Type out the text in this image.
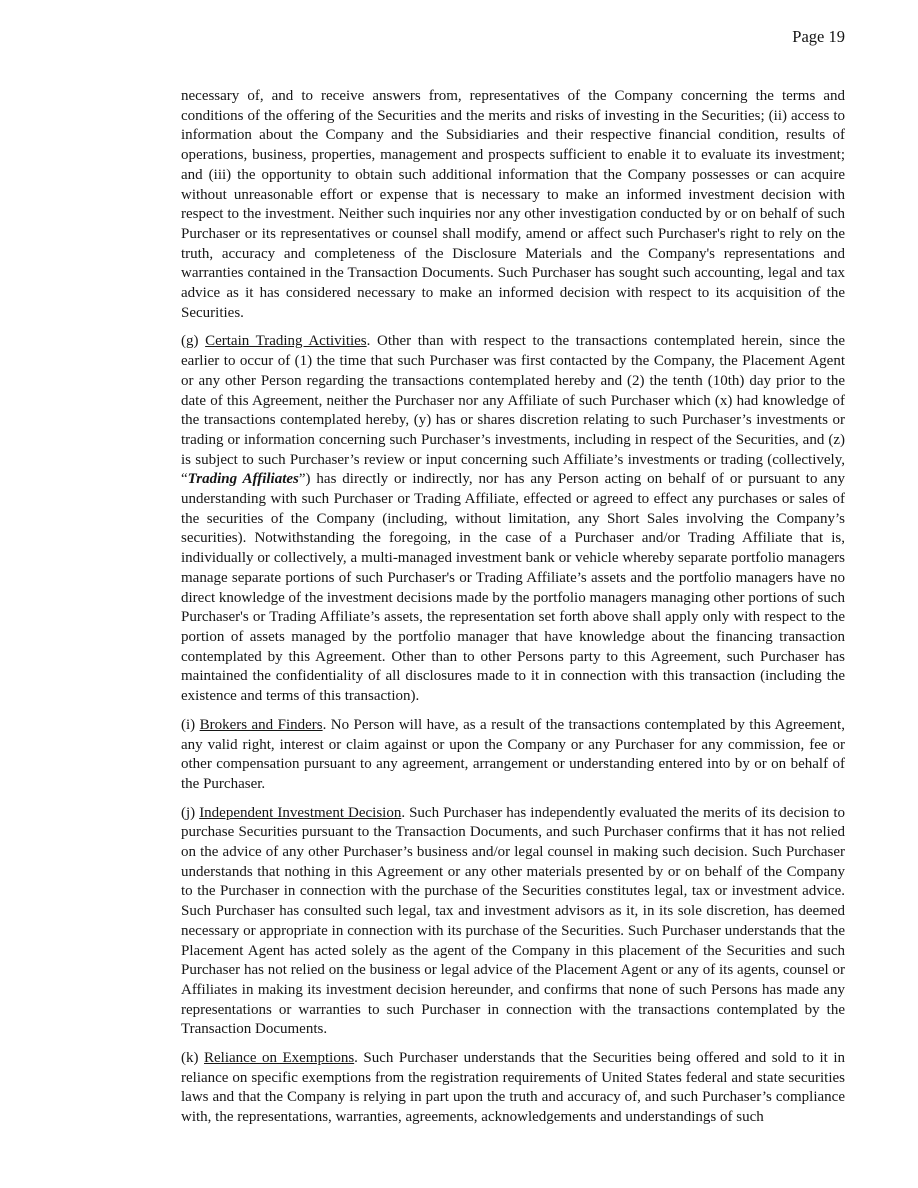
Page 19

necessary of, and to receive answers from, representatives of the Company concerning the terms and conditions of the offering of the Securities and the merits and risks of investing in the Securities; (ii) access to information about the Company and the Subsidiaries and their respective financial condition, results of operations, business, properties, management and prospects sufficient to enable it to evaluate its investment; and (iii) the opportunity to obtain such additional information that the Company possesses or can acquire without unreasonable effort or expense that is necessary to make an informed investment decision with respect to the investment. Neither such inquiries nor any other investigation conducted by or on behalf of such Purchaser or its representatives or counsel shall modify, amend or affect such Purchaser's right to rely on the truth, accuracy and completeness of the Disclosure Materials and the Company's representations and warranties contained in the Transaction Documents. Such Purchaser has sought such accounting, legal and tax advice as it has considered necessary to make an informed decision with respect to its acquisition of the Securities.

(g) Certain Trading Activities. Other than with respect to the transactions contemplated herein, since the earlier to occur of (1) the time that such Purchaser was first contacted by the Company, the Placement Agent or any other Person regarding the transactions contemplated hereby and (2) the tenth (10th) day prior to the date of this Agreement, neither the Purchaser nor any Affiliate of such Purchaser which (x) had knowledge of the transactions contemplated hereby, (y) has or shares discretion relating to such Purchaser’s investments or trading or information concerning such Purchaser’s investments, including in respect of the Securities, and (z) is subject to such Purchaser’s review or input concerning such Affiliate’s investments or trading (collectively, “Trading Affiliates”) has directly or indirectly, nor has any Person acting on behalf of or pursuant to any understanding with such Purchaser or Trading Affiliate, effected or agreed to effect any purchases or sales of the securities of the Company (including, without limitation, any Short Sales involving the Company’s securities). Notwithstanding the foregoing, in the case of a Purchaser and/or Trading Affiliate that is, individually or collectively, a multi-managed investment bank or vehicle whereby separate portfolio managers manage separate portions of such Purchaser's or Trading Affiliate’s assets and the portfolio managers have no direct knowledge of the investment decisions made by the portfolio managers managing other portions of such Purchaser's or Trading Affiliate’s assets, the representation set forth above shall apply only with respect to the portion of assets managed by the portfolio manager that have knowledge about the financing transaction contemplated by this Agreement. Other than to other Persons party to this Agreement, such Purchaser has maintained the confidentiality of all disclosures made to it in connection with this transaction (including the existence and terms of this transaction).

(i) Brokers and Finders. No Person will have, as a result of the transactions contemplated by this Agreement, any valid right, interest or claim against or upon the Company or any Purchaser for any commission, fee or other compensation pursuant to any agreement, arrangement or understanding entered into by or on behalf of the Purchaser.

(j) Independent Investment Decision. Such Purchaser has independently evaluated the merits of its decision to purchase Securities pursuant to the Transaction Documents, and such Purchaser confirms that it has not relied on the advice of any other Purchaser’s business and/or legal counsel in making such decision. Such Purchaser understands that nothing in this Agreement or any other materials presented by or on behalf of the Company to the Purchaser in connection with the purchase of the Securities constitutes legal, tax or investment advice. Such Purchaser has consulted such legal, tax and investment advisors as it, in its sole discretion, has deemed necessary or appropriate in connection with its purchase of the Securities. Such Purchaser understands that the Placement Agent has acted solely as the agent of the Company in this placement of the Securities and such Purchaser has not relied on the business or legal advice of the Placement Agent or any of its agents, counsel or Affiliates in making its investment decision hereunder, and confirms that none of such Persons has made any representations or warranties to such Purchaser in connection with the transactions contemplated by the Transaction Documents.

(k) Reliance on Exemptions. Such Purchaser understands that the Securities being offered and sold to it in reliance on specific exemptions from the registration requirements of United States federal and state securities laws and that the Company is relying in part upon the truth and accuracy of, and such Purchaser’s compliance with, the representations, warranties, agreements, acknowledgements and understandings of such
